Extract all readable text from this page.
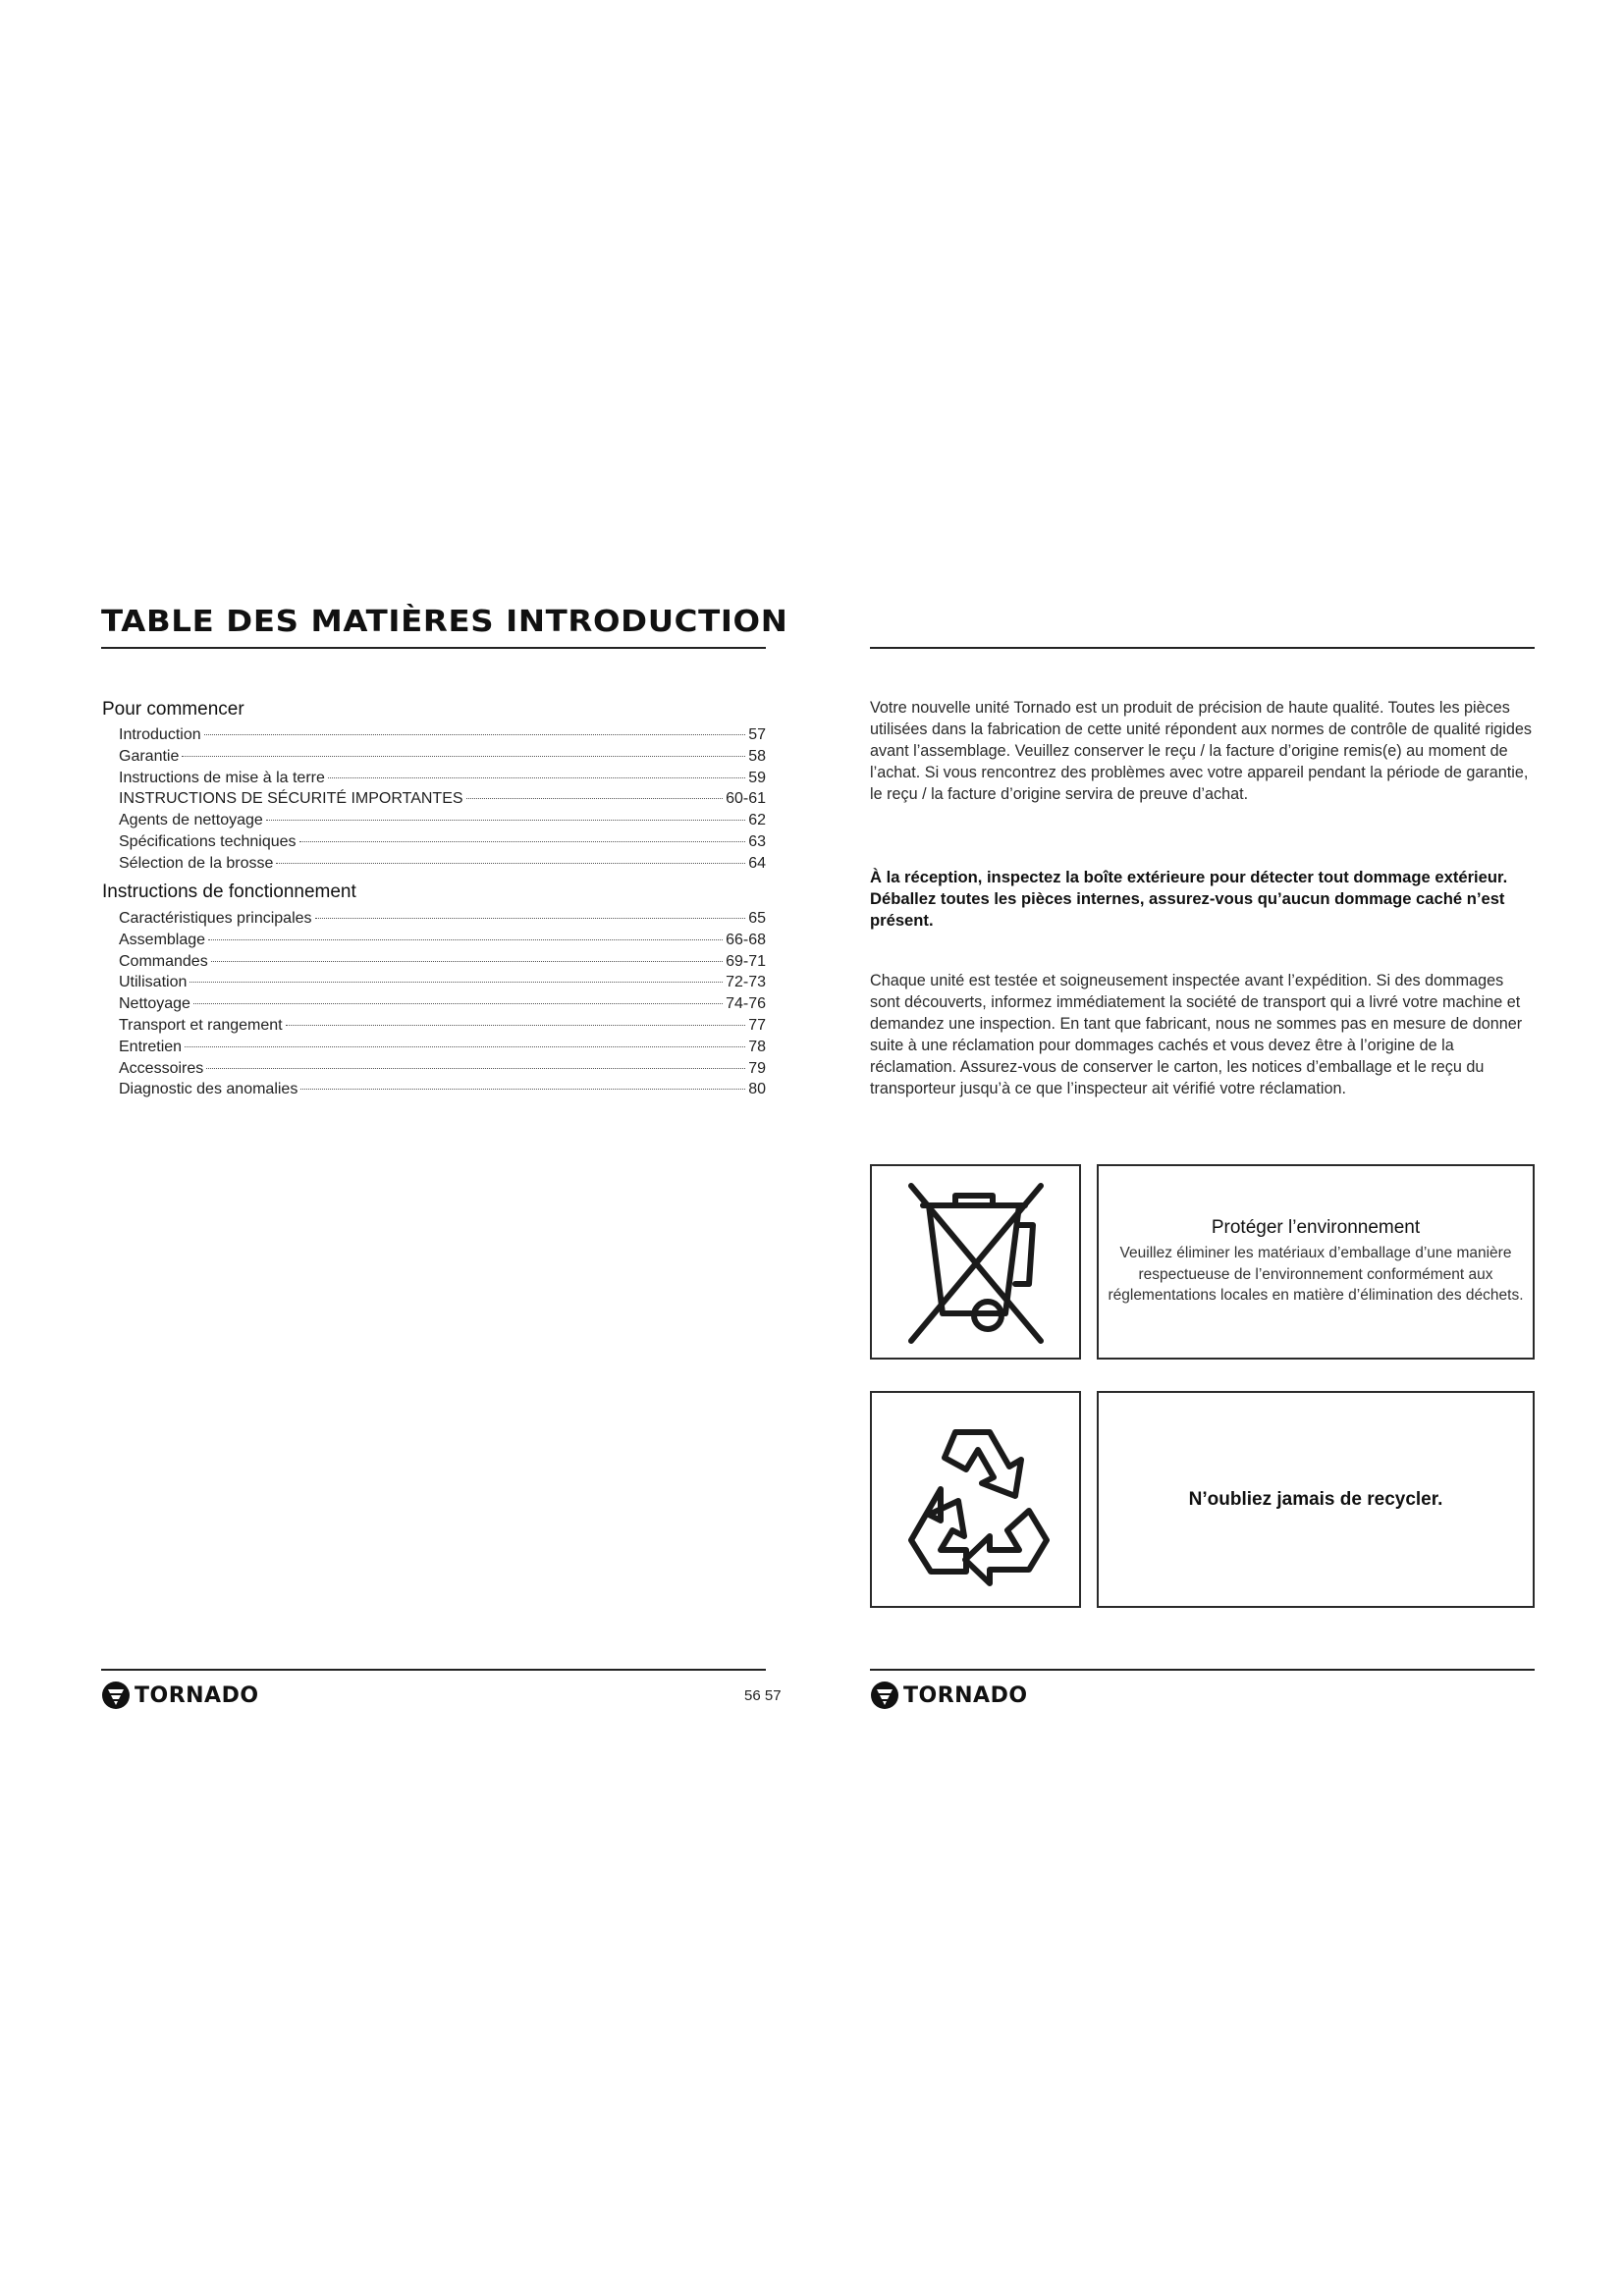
TABLE DES MATIÈRES INTRODUCTION
Pour commencer
Introduction	57
Garantie	58
Instructions de mise à la terre	59
INSTRUCTIONS DE SÉCURITÉ IMPORTANTES	60-61
Agents de nettoyage	62
Spécifications techniques	63
Sélection de la brosse	64
Instructions de fonctionnement
Caractéristiques principales	65
Assemblage	66-68
Commandes	69-71
Utilisation	72-73
Nettoyage	74-76
Transport et rangement	77
Entretien	78
Accessoires	79
Diagnostic des anomalies	80
Votre nouvelle unité Tornado est un produit de précision de haute qualité. Toutes les pièces utilisées dans la fabrication de cette unité répondent aux normes de contrôle de qualité rigides avant l’assemblage. Veuillez conserver le reçu / la facture d’origine remis(e) au moment de l’achat. Si vous rencontrez des problèmes avec votre appareil pendant la période de garantie, le reçu / la facture d’origine servira de preuve d’achat.
À la réception, inspectez la boîte extérieure pour détecter tout dommage extérieur. Déballez toutes les pièces internes, assurez-vous qu’aucun dommage caché n’est présent.
Chaque unité est testée et soigneusement inspectée avant l’expédition. Si des dommages sont découverts, informez immédiatement la société de transport qui a livré votre machine et demandez une inspection. En tant que fabricant, nous ne sommes pas en mesure de donner suite à une réclamation pour dommages cachés et vous devez être à l’origine de la réclamation. Assurez-vous de conserver le carton, les notices d’emballage et le reçu du transporteur jusqu’à ce que l’inspecteur ait vérifié votre réclamation.
Protéger l’environnement
Veuillez éliminer les matériaux d’emballage d’une manière respectueuse de l’environnement conformément aux réglementations locales en matière d’élimination des déchets.
N’oubliez jamais de recycler.
TORNADO	56 57	TORNADO
